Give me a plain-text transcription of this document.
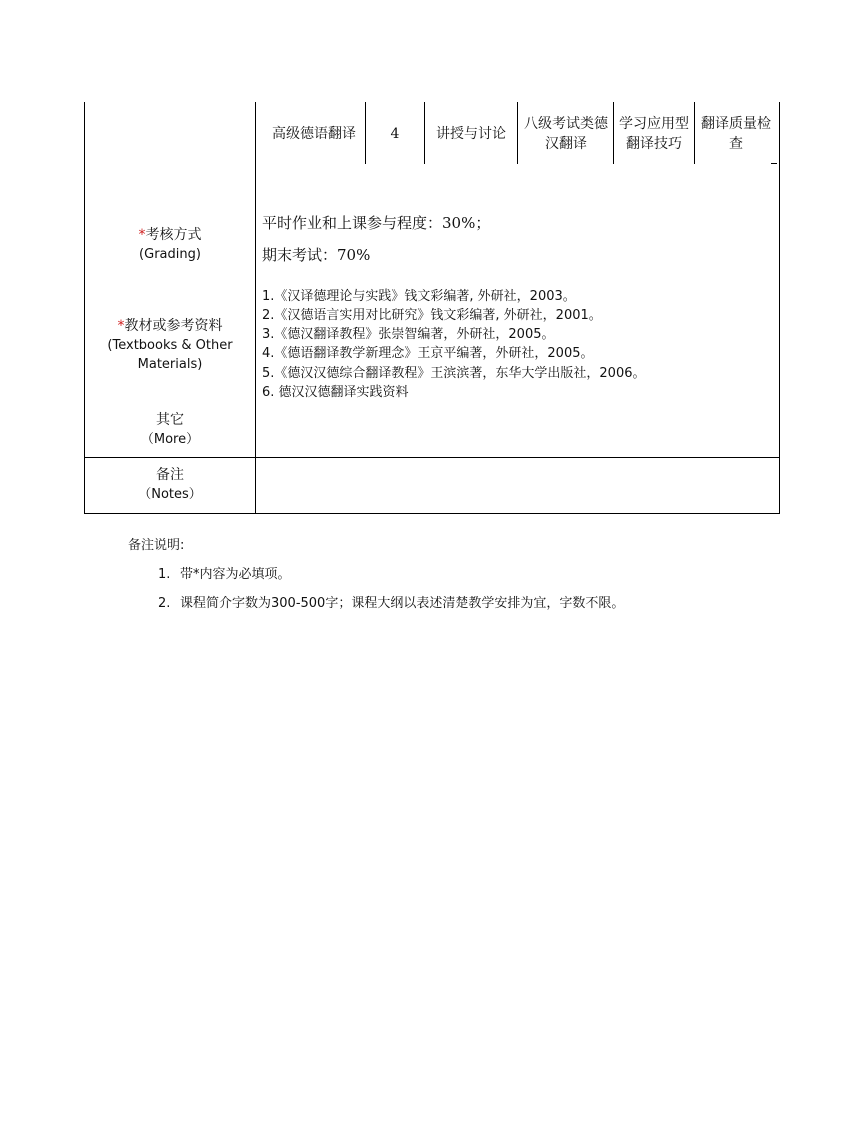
高级德语翻译	4	讲授与讨论
八级考试类德汉翻译
学习应用型翻译技巧
翻译质量检查
*考核方式
(Grading)
*教材或参考资料
(Textbooks & Other
Materials)
其它
（More）
备注
（Notes）
平时作业和上课参与程度：30%；
期末考试：70%
1.《汉译德理论与实践》钱文彩编著, 外研社，2003。
2.《汉德语言实用对比研究》钱文彩编著, 外研社，2001。
3.《德汉翻译教程》张崇智编著，外研社，2005。
4.《德语翻译教学新理念》王京平编著，外研社，2005。
5.《德汉汉德综合翻译教程》王滨滨著，东华大学出版社，2006。
6. 德汉汉德翻译实践资料
备注说明:
1. 带*内容为必填项。
2. 课程简介字数为300-500字；课程大纲以表述清楚教学安排为宜，字数不限。
